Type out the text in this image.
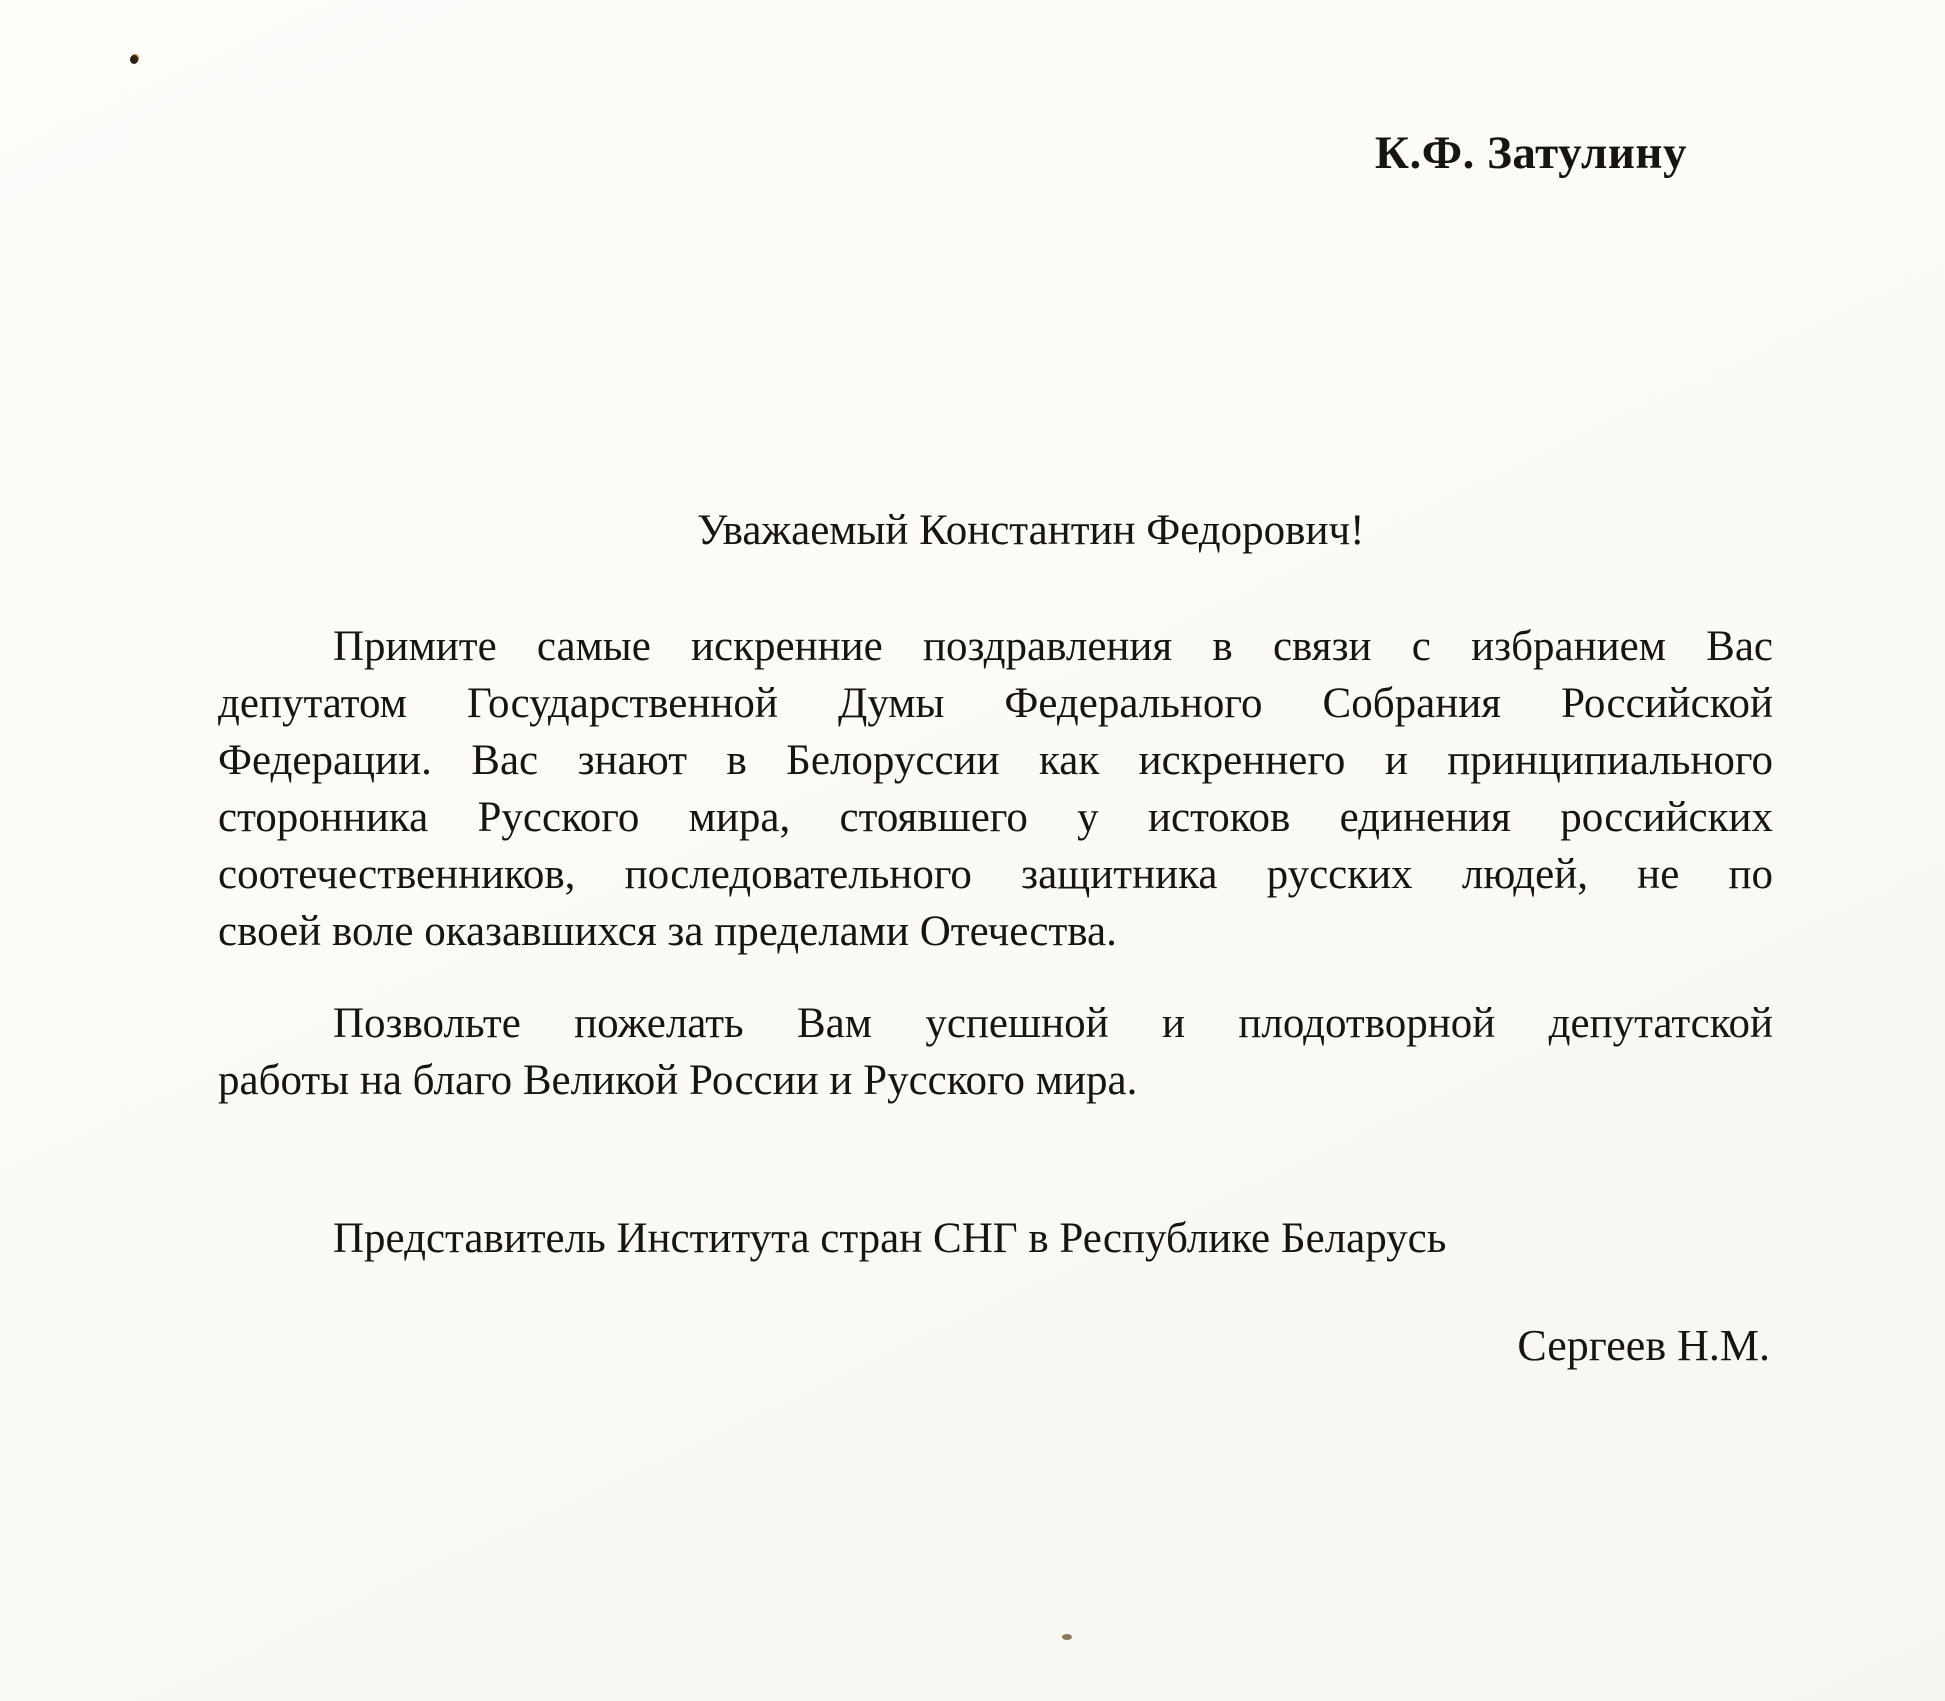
К.Ф. Затулину
Уважаемый Константин Федорович!
Примите самые искренние поздравления в связи с избранием Вас
депутатом Государственной Думы Федерального Собрания Российской
Федерации. Вас знают в Белоруссии как искреннего и принципиального
сторонника Русского мира, стоявшего у истоков единения российских
соотечественников, последовательного защитника русских людей, не по
своей воле оказавшихся за пределами Отечества.
Позвольте пожелать Вам успешной и плодотворной депутатской
работы на благо Великой России и Русского мира.
Представитель Института стран СНГ в Республике Беларусь
Сергеев Н.М.
